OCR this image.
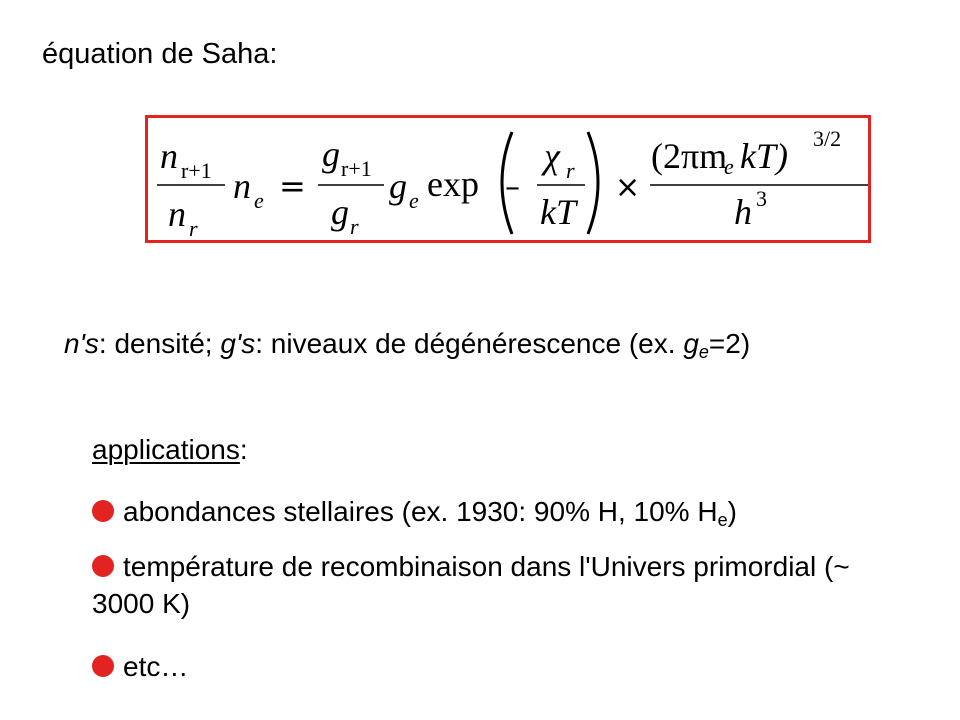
équation de Saha:
n r+1
n r
n e =
g r+1
g r
g e exp –
χ r
kT
×
(2πm
e kT) 3/2
h 3
n's: densité; g's: niveaux de dégénérescence (ex. $g_e=2$)
applications:
abondances stellaires (ex. 1930: 90% H, 10% $H_e$)
température de recombinaison dans l'Univers primordial (~ 3000 K)
etc…
